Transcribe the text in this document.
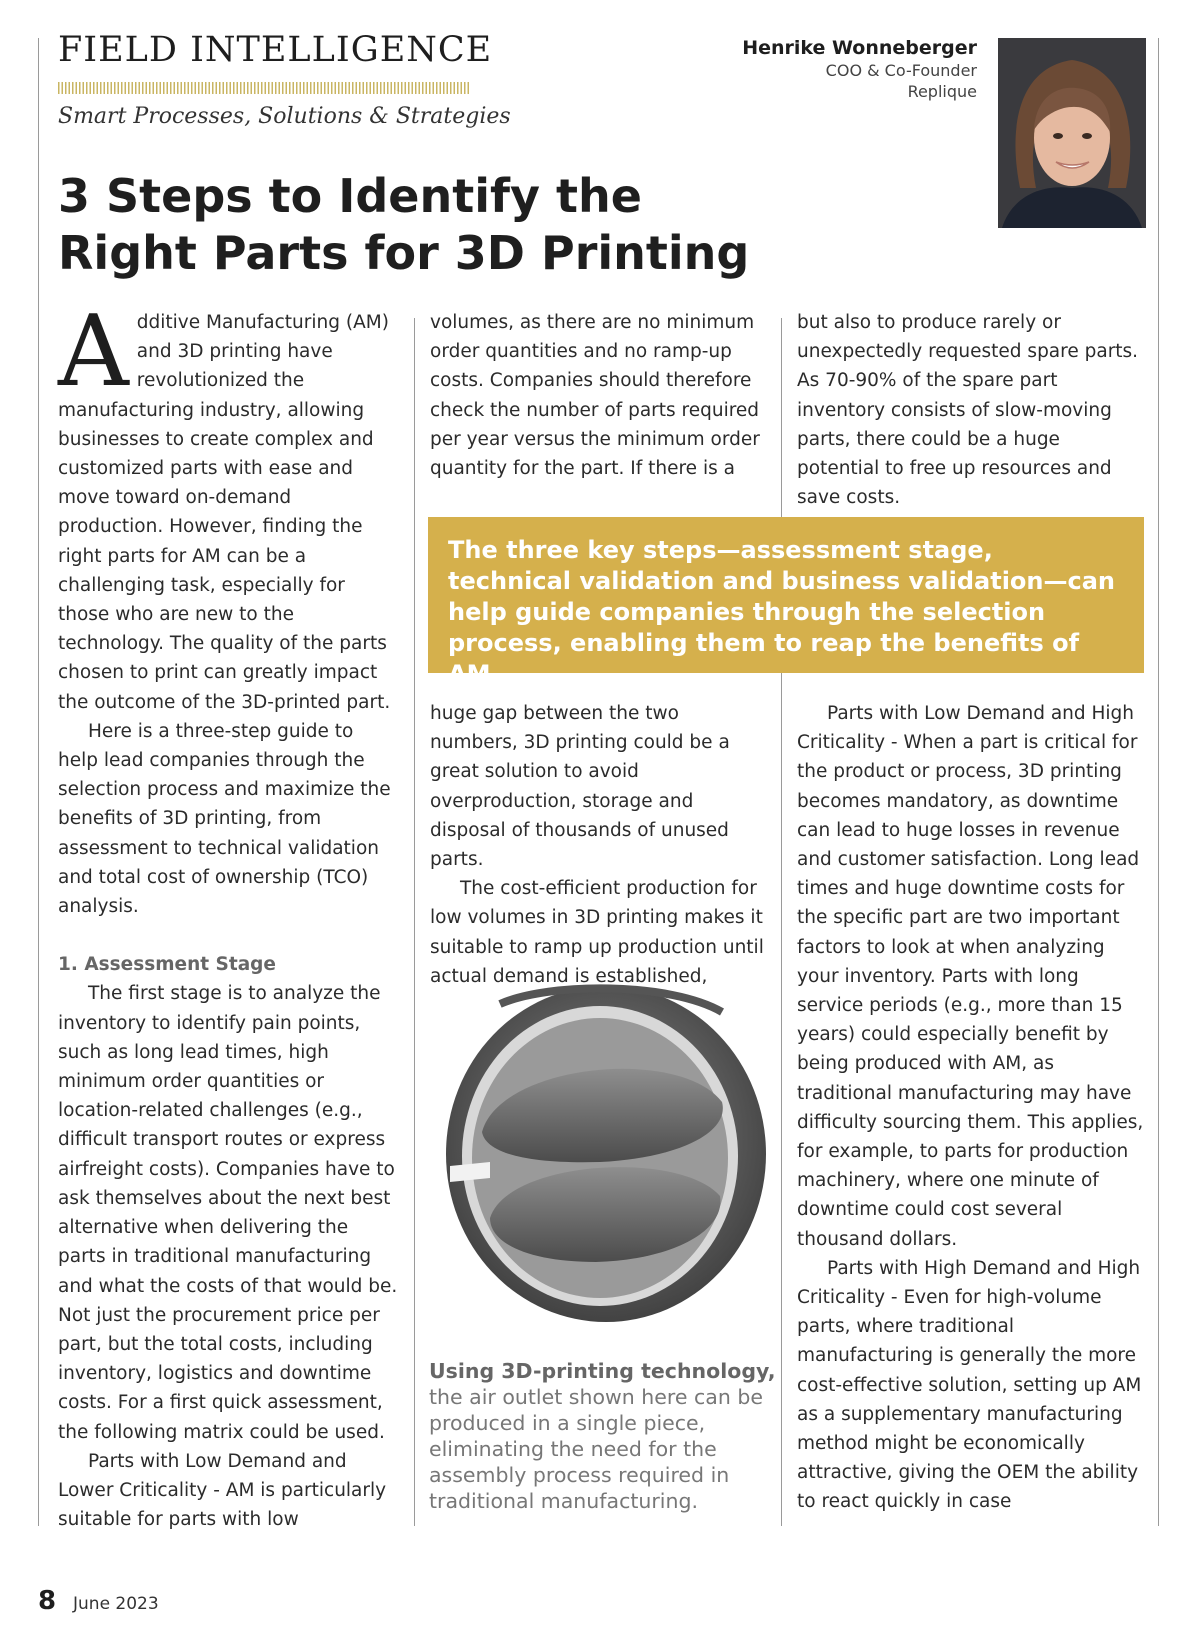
FIELD INTELLIGENCE
Smart Processes, Solutions & Strategies
Henrike Wonneberger
COO & Co-Founder
Replique
3 Steps to Identify the
Right Parts for 3D Printing

Additive Manufacturing (AM) and 3D printing have revolutionized the manufacturing industry, allowing businesses to create complex and customized parts with ease and move toward on-demand production. However, finding the right parts for AM can be a challenging task, especially for those who are new to the technology. The quality of the parts chosen to print can greatly impact the outcome of the 3D-printed part.

Here is a three-step guide to help lead companies through the selection process and maximize the benefits of 3D printing, from assessment to technical validation and total cost of ownership (TCO) analysis.

1. Assessment Stage

The first stage is to analyze the inventory to identify pain points, such as long lead times, high minimum order quantities or location-related challenges (e.g., difficult transport routes or express airfreight costs). Companies have to ask themselves about the next best alternative when delivering the parts in traditional manufacturing and what the costs of that would be. Not just the procurement price per part, but the total costs, including inventory, logistics and downtime costs. For a first quick assessment, the following matrix could be used.

Parts with Low Demand and Lower Criticality - AM is particularly suitable for parts with low

volumes, as there are no minimum order quantities and no ramp-up costs. Companies should therefore check the number of parts required per year versus the minimum order quantity for the part. If there is a

but also to produce rarely or unexpectedly requested spare parts. As 70-90% of the spare part inventory consists of slow-moving parts, there could be a huge potential to free up resources and save costs.

The three key steps—assessment stage, technical validation and business validation—can help guide companies through the selection process, enabling them to reap the benefits of AM.

huge gap between the two numbers, 3D printing could be a great solution to avoid overproduction, storage and disposal of thousands of unused parts.

The cost-efficient production for low volumes in 3D printing makes it suitable to ramp up production until actual demand is established,

Using 3D-printing technology, the air outlet shown here can be produced in a single piece, eliminating the need for the assembly process required in traditional manufacturing.

Parts with Low Demand and High Criticality - When a part is critical for the product or process, 3D printing becomes mandatory, as downtime can lead to huge losses in revenue and customer satisfaction. Long lead times and huge downtime costs for the specific part are two important factors to look at when analyzing your inventory. Parts with long service periods (e.g., more than 15 years) could especially benefit by being produced with AM, as traditional manufacturing may have difficulty sourcing them. This applies, for example, to parts for production machinery, where one minute of downtime could cost several thousand dollars.

Parts with High Demand and High Criticality - Even for high-volume parts, where traditional manufacturing is generally the more cost-effective solution, setting up AM as a supplementary manufacturing method might be economically attractive, giving the OEM the ability to react quickly in case

8 June 2023
